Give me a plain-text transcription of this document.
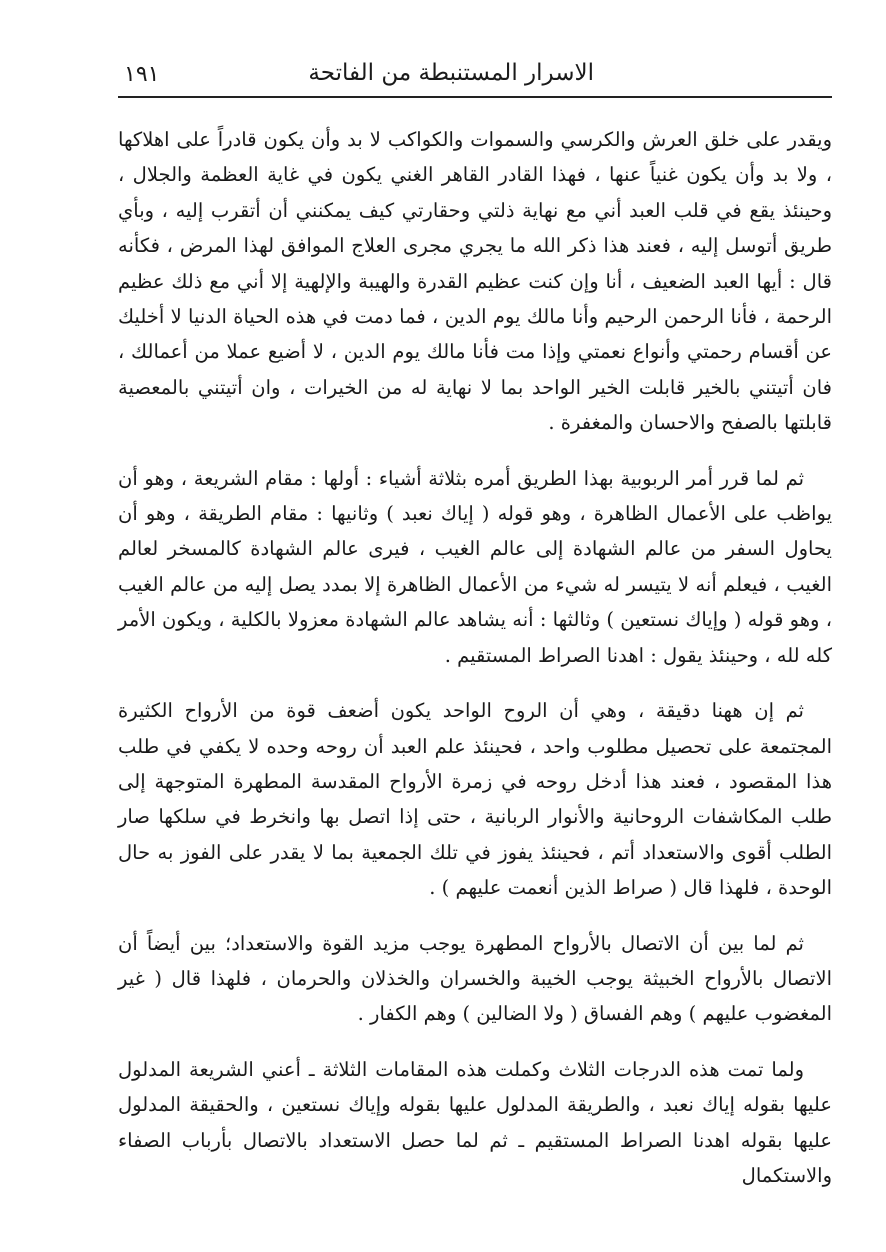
الاسرار المستنبطة من الفاتحة
١٩١

ويقدر على خلق العرش والكرسي والسموات والكواكب لا بد وأن يكون قادراً على اهلاكها ، ولا بد وأن يكون غنياً عنها ، فهذا القادر القاهر الغني يكون في غاية العظمة والجلال ، وحينئذ يقع في قلب العبد أني مع نهاية ذلتي وحقارتي كيف يمكنني أن أتقرب إليه ، وبأي طريق أتوسل إليه ، فعند هذا ذكر الله ما يجري مجرى العلاج الموافق لهذا المرض ، فكأنه قال : أيها العبد الضعيف ، أنا وإن كنت عظيم القدرة والهيبة والإلهية إلا أني مع ذلك عظيم الرحمة ، فأنا الرحمن الرحيم وأنا مالك يوم الدين ، فما دمت في هذه الحياة الدنيا لا أخليك عن أقسام رحمتي وأنواع نعمتي وإذا مت فأنا مالك يوم الدين ، لا أضيع عملا من أعمالك ، فان أتيتني بالخير قابلت الخير الواحد بما لا نهاية له من الخيرات ، وان أتيتني بالمعصية قابلتها بالصفح والاحسان والمغفرة .

ثم لما قرر أمر الربوبية بهذا الطريق أمره بثلاثة أشياء : أولها : مقام الشريعة ، وهو أن يواظب على الأعمال الظاهرة ، وهو قوله ( إياك نعبد ) وثانيها : مقام الطريقة ، وهو أن يحاول السفر من عالم الشهادة إلى عالم الغيب ، فيرى عالم الشهادة كالمسخر لعالم الغيب ، فيعلم أنه لا يتيسر له شيء من الأعمال الظاهرة إلا بمدد يصل إليه من عالم الغيب ، وهو قوله ( وإياك نستعين ) وثالثها : أنه يشاهد عالم الشهادة معزولا بالكلية ، ويكون الأمر كله لله ، وحينئذ يقول : اهدنا الصراط المستقيم .

ثم إن ههنا دقيقة ، وهي أن الروح الواحد يكون أضعف قوة من الأرواح الكثيرة المجتمعة على تحصيل مطلوب واحد ، فحينئذ علم العبد أن روحه وحده لا يكفي في طلب هذا المقصود ، فعند هذا أدخل روحه في زمرة الأرواح المقدسة المطهرة المتوجهة إلى طلب المكاشفات الروحانية والأنوار الربانية ، حتى إذا اتصل بها وانخرط في سلكها صار الطلب أقوى والاستعداد أتم ، فحينئذ يفوز في تلك الجمعية بما لا يقدر على الفوز به حال الوحدة ، فلهذا قال ( صراط الذين أنعمت عليهم ) .

ثم لما بين أن الاتصال بالأرواح المطهرة يوجب مزيد القوة والاستعداد؛ بين أيضاً أن الاتصال بالأرواح الخبيثة يوجب الخيبة والخسران والخذلان والحرمان ، فلهذا قال ( غير المغضوب عليهم ) وهم الفساق ( ولا الضالين ) وهم الكفار .

ولما تمت هذه الدرجات الثلاث وكملت هذه المقامات الثلاثة ـ أعني الشريعة المدلول عليها بقوله إياك نعبد ، والطريقة المدلول عليها بقوله وإياك نستعين ، والحقيقة المدلول عليها بقوله اهدنا الصراط المستقيم ـ ثم لما حصل الاستعداد بالاتصال بأرباب الصفاء والاستكمال
